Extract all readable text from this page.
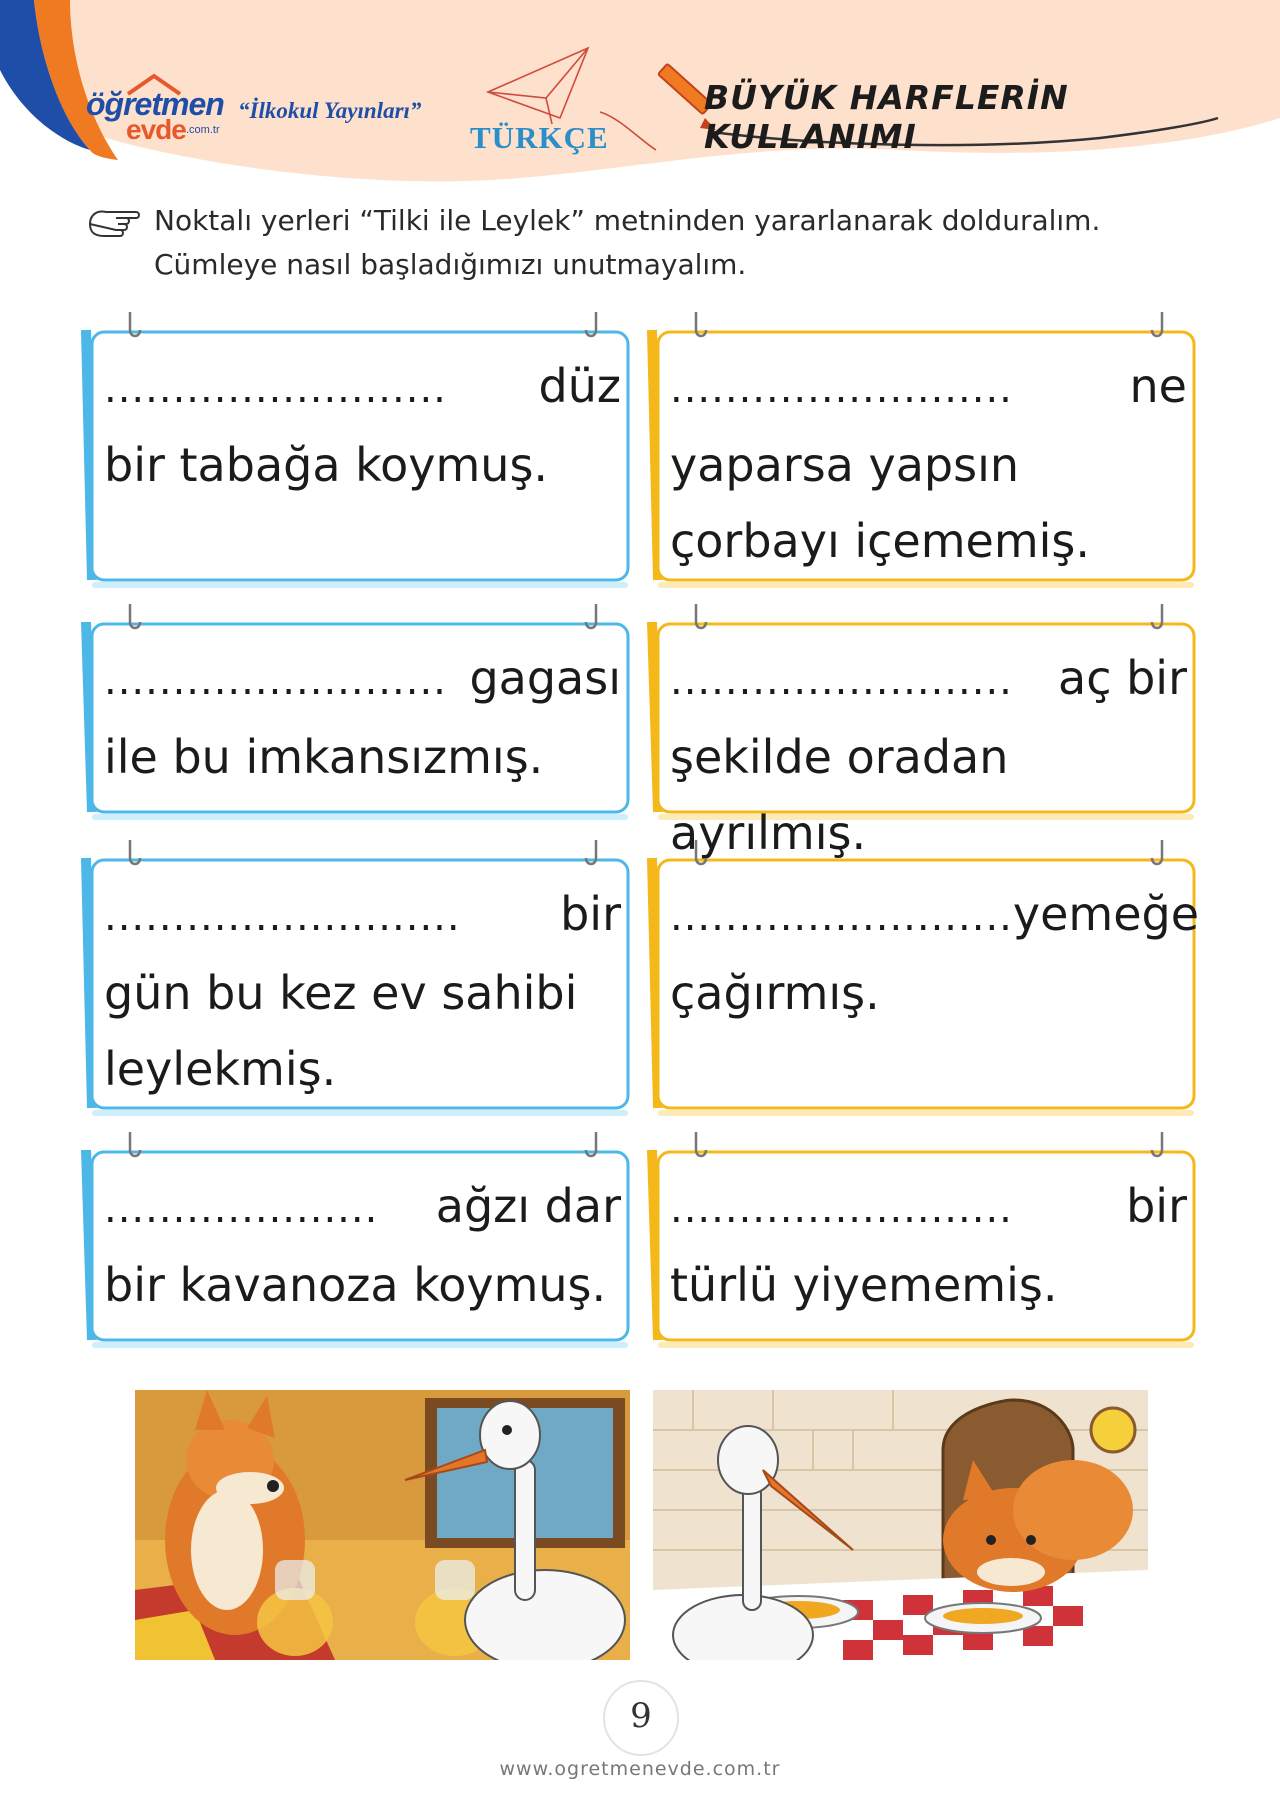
öğretmen
evde .com.tr
“İlkokul Yayınları”
TÜRKÇE
BÜYÜK HARFLERİN KULLANIMI
Noktalı yerleri “Tilki ile Leylek” metninden yararlanarak dolduralım.
Cümleye nasıl başladığımızı unutmayalım.
......................... düz
bir tabağa koymuş.
.........................	ne
yaparsa yapsın çorbayı içememiş.
......................... gagası
ile bu imkansızmış.
......................... aç bir
şekilde oradan ayrılmış.
.......................... bir
gün bu kez ev sahibi leylekmiş.
......................... yemeğe
çağırmış.
.................... ağzı dar
bir kavanoza koymuş.
......................... bir
türlü yiyememiş.
9
www.ogretmenevde.com.tr
